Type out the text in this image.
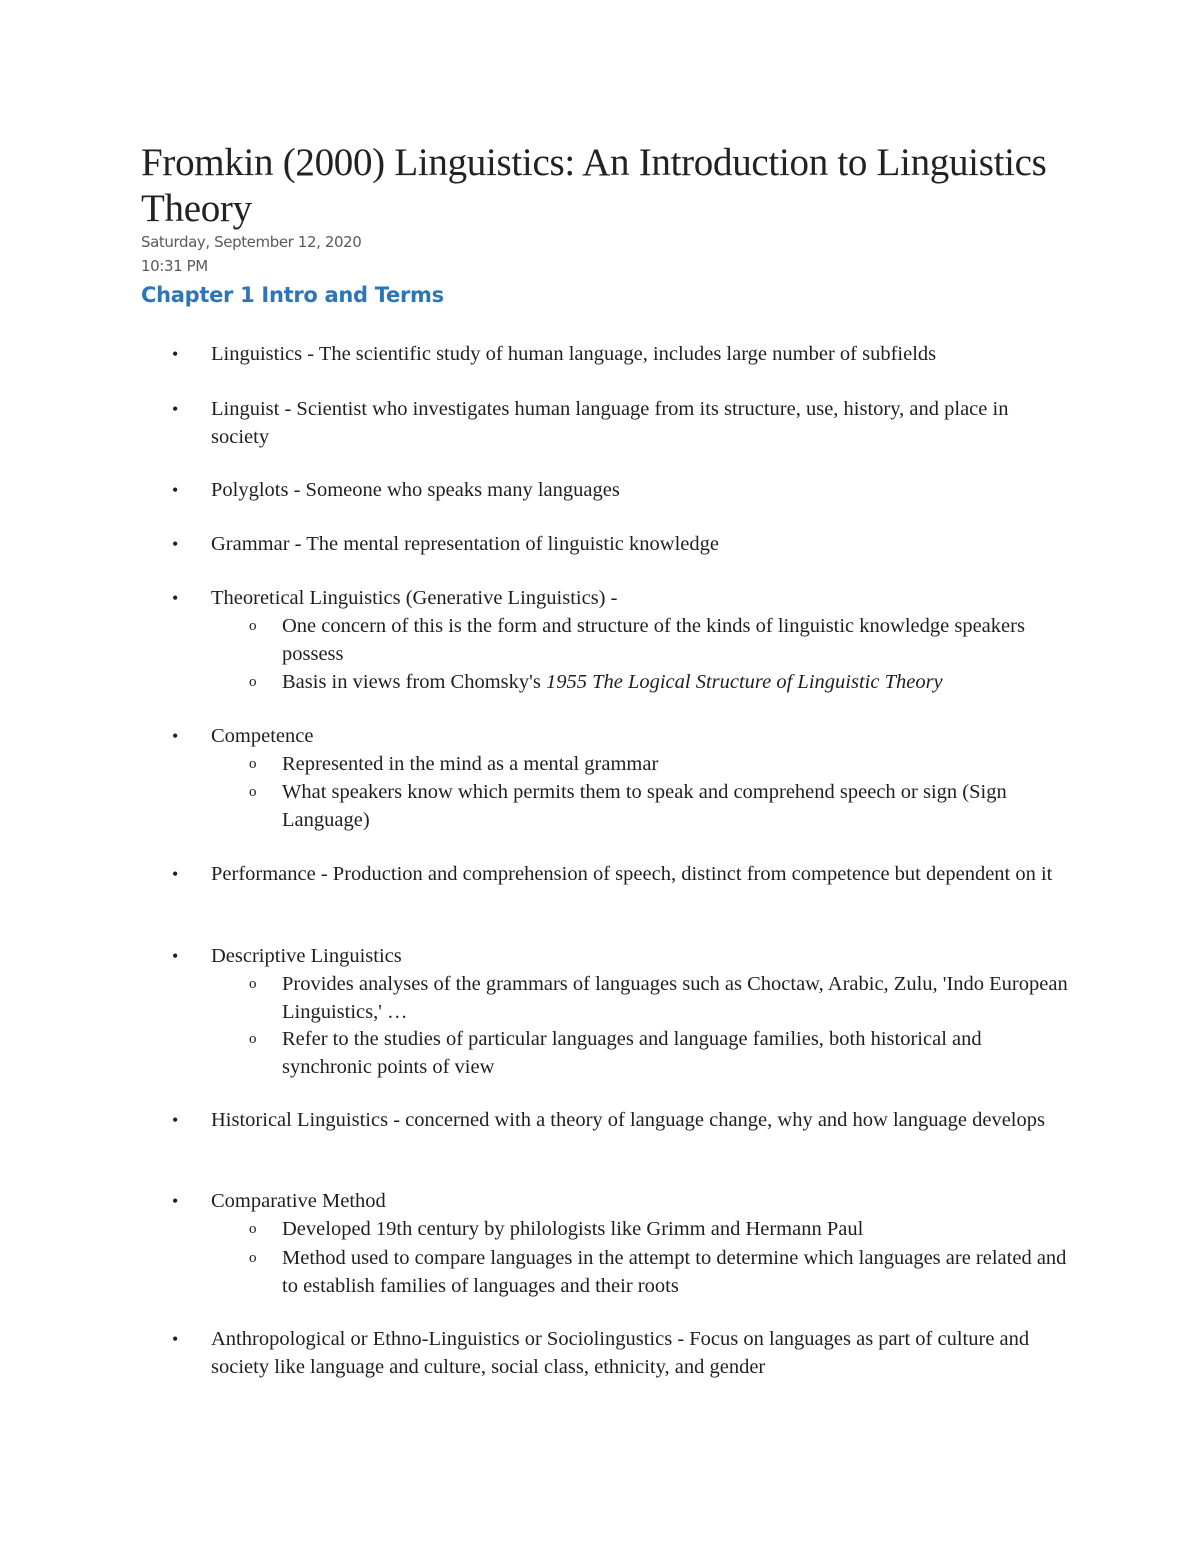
Fromkin (2000) Linguistics: An Introduction to Linguistics Theory
Saturday, September 12, 2020
10:31 PM
Chapter 1 Intro and Terms
• Linguistics - The scientific study of human language, includes large number of subfields
• Linguist - Scientist who investigates human language from its structure, use, history, and place in society
• Polyglots - Someone who speaks many languages
• Grammar - The mental representation of linguistic knowledge
• Theoretical Linguistics (Generative Linguistics) -
o One concern of this is the form and structure of the kinds of linguistic knowledge speakers possess
o Basis in views from Chomsky's 1955 The Logical Structure of Linguistic Theory
• Competence
o Represented in the mind as a mental grammar
o What speakers know which permits them to speak and comprehend speech or sign (Sign Language)
• Performance - Production and comprehension of speech, distinct from competence but dependent on it
• Descriptive Linguistics
o Provides analyses of the grammars of languages such as Choctaw, Arabic, Zulu, 'Indo European Linguistics,' …
o Refer to the studies of particular languages and language families, both historical and synchronic points of view
• Historical Linguistics - concerned with a theory of language change, why and how language develops
• Comparative Method
o Developed 19th century by philologists like Grimm and Hermann Paul
o Method used to compare languages in the attempt to determine which languages are related and to establish families of languages and their roots
• Anthropological or Ethno-Linguistics or Sociolingustics - Focus on languages as part of culture and society like language and culture, social class, ethnicity, and gender
